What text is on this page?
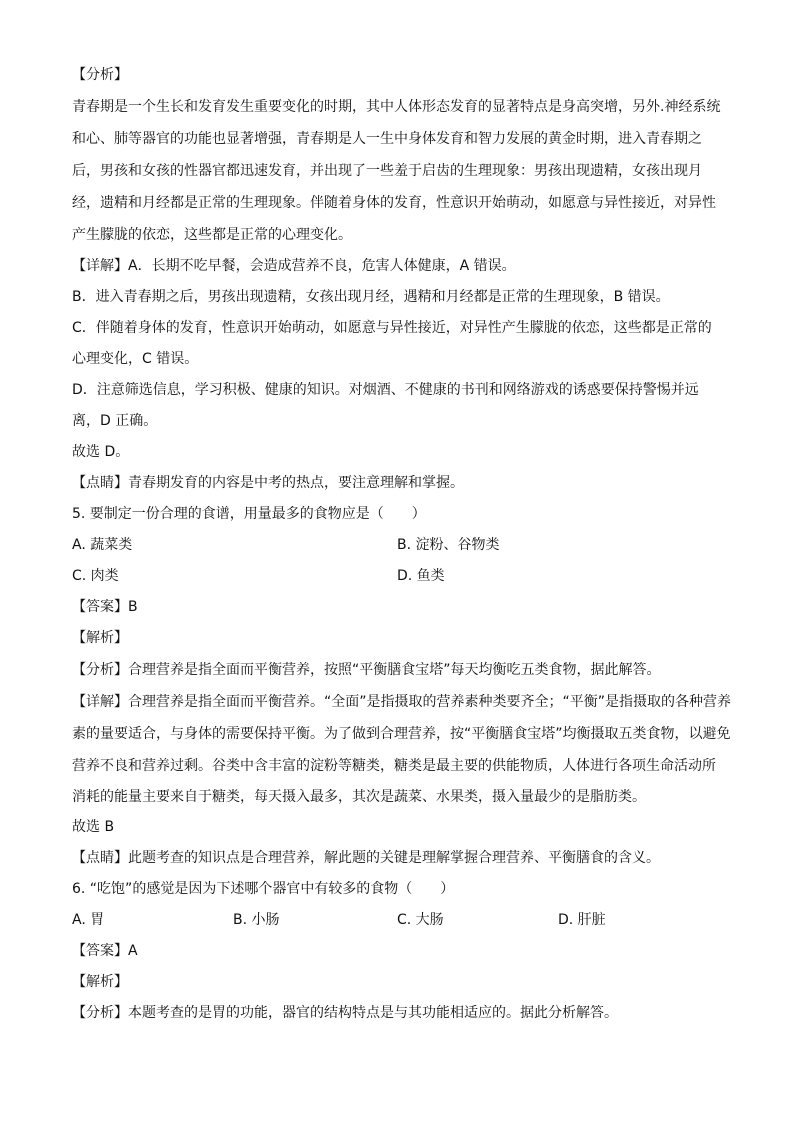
【分析】
青春期是一个生长和发育发生重要变化的时期，其中人体形态发育的显著特点是身高突增，另外.神经系统
和心、肺等器官的功能也显著增强，青春期是人一生中身体发育和智力发展的黄金时期，进入青春期之
后，男孩和女孩的性器官都迅速发育，并出现了一些羞于启齿的生理现象：男孩出现遗精，女孩出现月
经，遗精和月经都是正常的生理现象。伴随着身体的发育，性意识开始萌动，如愿意与异性接近，对异性
产生朦胧的依恋，这些都是正常的心理变化。
【详解】A．长期不吃早餐，会造成营养不良，危害人体健康，A 错误。
B．进入青春期之后，男孩出现遗精，女孩出现月经，遇精和月经都是正常的生理现象，B 错误。
C．伴随着身体的发育，性意识开始萌动，如愿意与异性接近，对异性产生朦胧的依恋，这些都是正常的
心理变化，C 错误。
D．注意筛选信息，学习积极、健康的知识。对烟酒、不健康的书刊和网络游戏的诱惑要保持警惕并远
离，D 正确。
故选 D。
【点睛】青春期发育的内容是中考的热点，要注意理解和掌握。
5. 要制定一份合理的食谱，用量最多的食物应是（　　）
A. 蔬菜类	B. 淀粉、谷物类
C. 肉类	D. 鱼类
【答案】B
【解析】
【分析】合理营养是指全面而平衡营养，按照“平衡膳食宝塔”每天均衡吃五类食物，据此解答。
【详解】合理营养是指全面而平衡营养。“全面”是指摄取的营养素种类要齐全；“平衡”是指摄取的各种营养
素的量要适合，与身体的需要保持平衡。为了做到合理营养，按“平衡膳食宝塔”均衡摄取五类食物，以避免
营养不良和营养过剩。谷类中含丰富的淀粉等糖类，糖类是最主要的供能物质，人体进行各项生命活动所
消耗的能量主要来自于糖类，每天摄入最多，其次是蔬菜、水果类，摄入量最少的是脂肪类。
故选 B
【点睛】此题考查的知识点是合理营养，解此题的关键是理解掌握合理营养、平衡膳食的含义。
6. “吃饱”的感觉是因为下述哪个器官中有较多的食物（　　）
A. 胃	B. 小肠	C. 大肠	D. 肝脏
【答案】A
【解析】
【分析】本题考查的是胃的功能，器官的结构特点是与其功能相适应的。据此分析解答。
